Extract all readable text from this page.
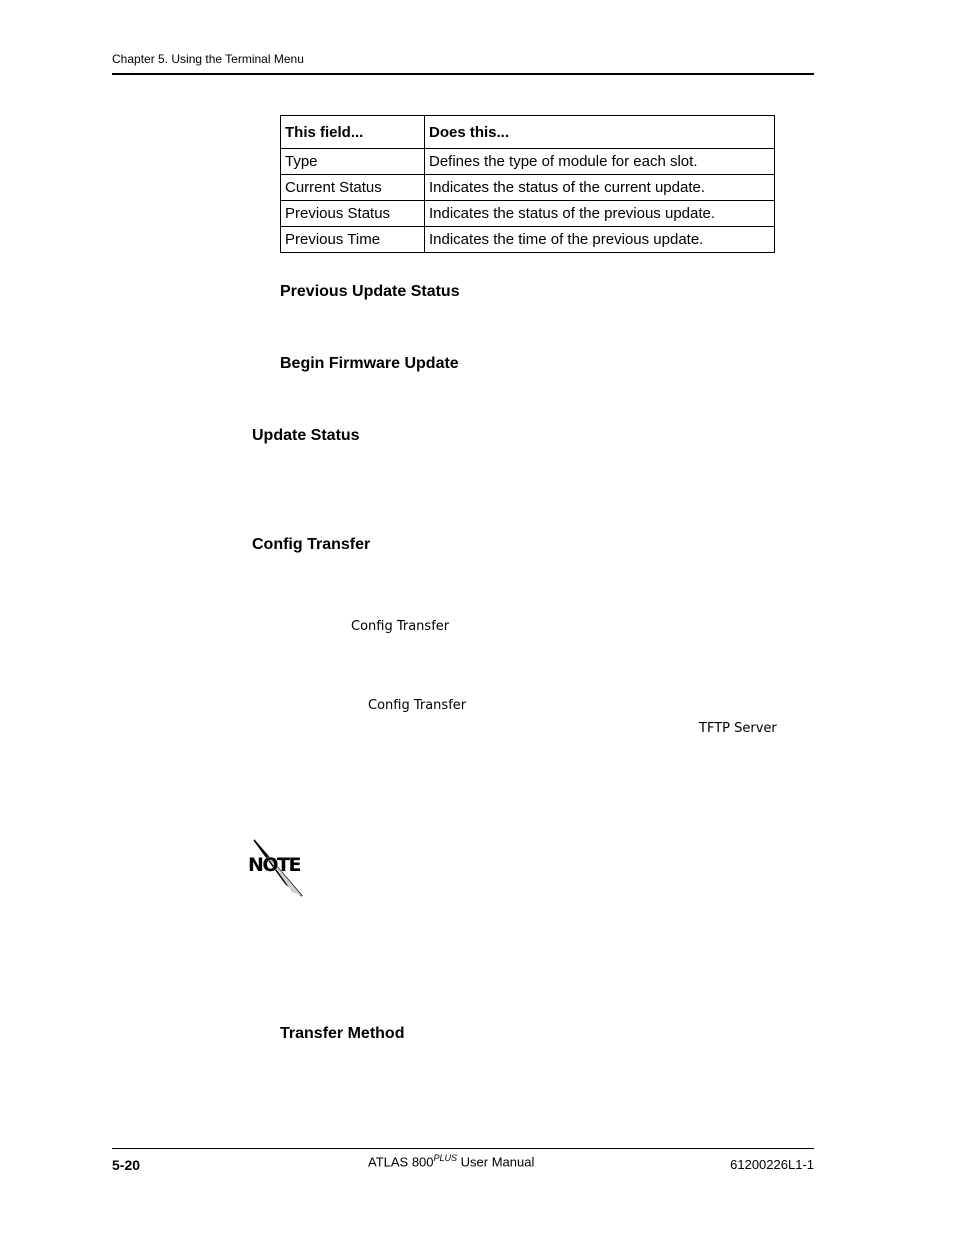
Chapter 5. Using the Terminal Menu
This field...	Does this...
Type	Defines the type of module for each slot.
Current Status	Indicates the status of the current update.
Previous Status	Indicates the status of the previous update.
Previous Time	Indicates the time of the previous update.
Previous Update Status
Begin Firmware Update
Update Status
Config Transfer
Config Transfer
Config Transfer
TFTP Server
NOTE
Transfer Method
5-20	ATLAS $800^{PLUS}$ User Manual	61200226L1-1
